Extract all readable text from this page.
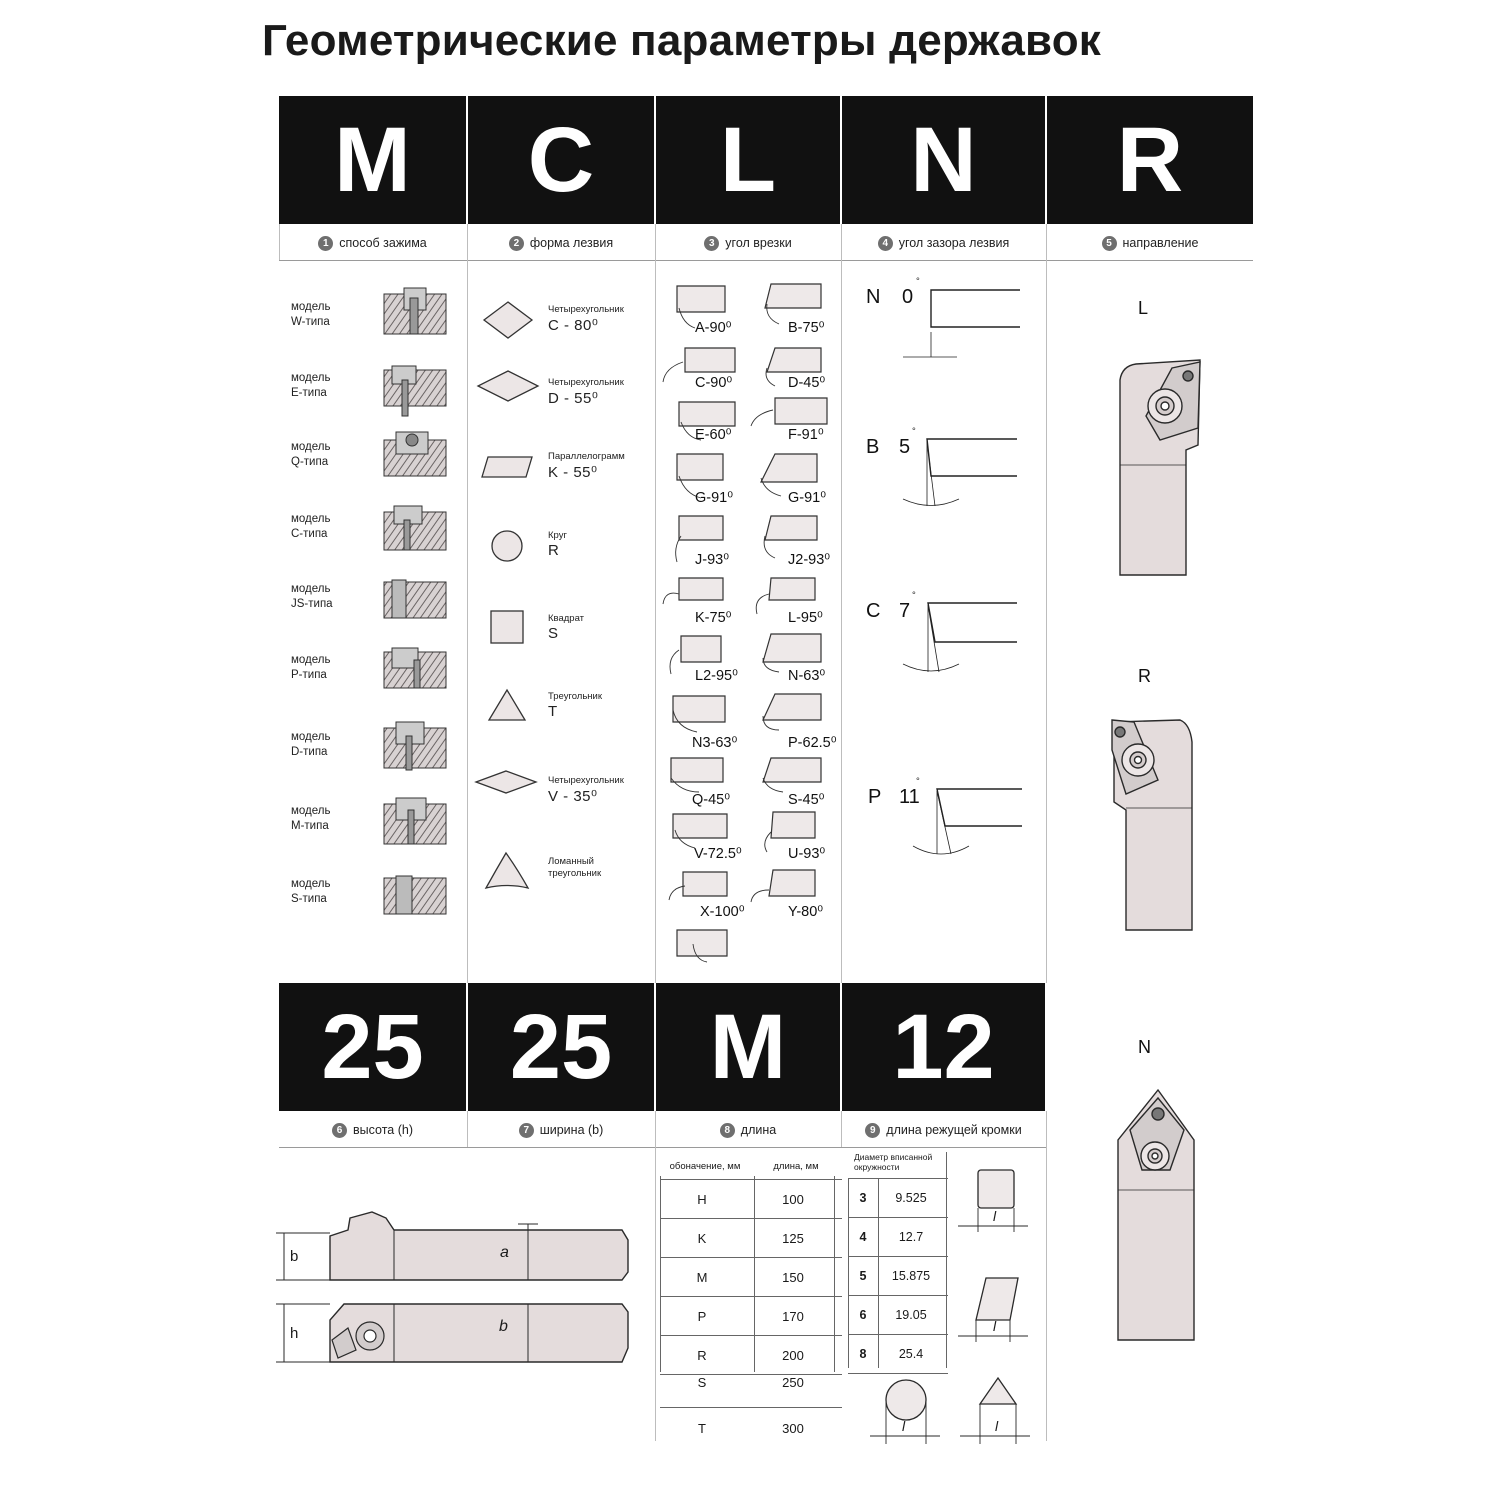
Геометрические параметры державок
M	C	L	N	R
1 способ зажима	2 форма лезвия	3 угол врезки	4 угол зазора лезвия	5 направление
модель
W-типа
модель
E-типа
модель
Q-типа
модель
C-типа
модель
JS-типа
модель
P-типа
модель
D-типа
модель
M-типа
модель
S-типа
Четырехугольник
C - 80⁰
Четырехугольник
D - 55⁰
Параллелограмм
K - 55⁰
Круг
R
Квадрат
S
Треугольник
T
Четырехугольник
V - 35⁰
Ломанный треугольник
A-90⁰	B-75⁰
C-90⁰	D-45⁰
E-60⁰	F-91⁰
G-91⁰	G-91⁰
J-93⁰	J2-93⁰
K-75⁰	L-95⁰
L2-95⁰	N-63⁰
N3-63⁰	P-62.5⁰
Q-45⁰	S-45⁰
V-72.5⁰	U-93⁰
X-100⁰	Y-80⁰
N 0
°
B 5
°
C 7
°
P 11
°
L
R
N
25 25	M	12
6 высота (h)	7 ширина (b)	8 длина	9 длина режущей кромки
b
h
a
b
обоначение, мм	длина, мм
H	100
K	125
M	150
P	170
R	200
S	250
T	300
Диаметр вписанной окружности
3	9.525
4	12.7
5	15.875
6	19.05
8	25.4
l
l
l	l
